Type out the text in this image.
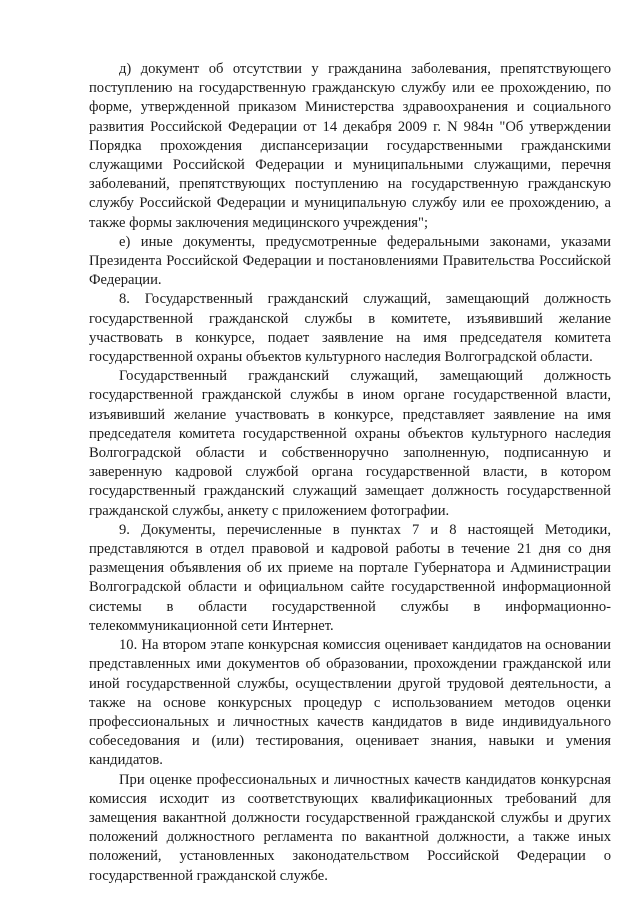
д) документ об отсутствии у гражданина заболевания, препятствующего поступлению на государственную гражданскую службу или ее прохождению, по форме, утвержденной приказом Министерства здравоохранения и социального развития Российской Федерации от 14 декабря 2009 г. N 984н "Об утверждении Порядка прохождения диспансеризации государственными гражданскими служащими Российской Федерации и муниципальными служащими, перечня заболеваний, препятствующих поступлению на государственную гражданскую службу Российской Федерации и муниципальную службу или ее прохождению, а также формы заключения медицинского учреждения";

е) иные документы, предусмотренные федеральными законами, указами Президента Российской Федерации и постановлениями Правительства Российской Федерации.

8. Государственный гражданский служащий, замещающий должность государственной гражданской службы в комитете, изъявивший желание участвовать в конкурсе, подает заявление на имя председателя комитета государственной охраны объектов культурного наследия Волгоградской области.

Государственный гражданский служащий, замещающий должность государственной гражданской службы в ином органе государственной власти, изъявивший желание участвовать в конкурсе, представляет заявление на имя председателя комитета государственной охраны объектов культурного наследия Волгоградской области и собственноручно заполненную, подписанную и заверенную кадровой службой органа государственной власти, в котором государственный гражданский служащий замещает должность государственной гражданской службы, анкету с приложением фотографии.

9. Документы, перечисленные в пунктах 7 и 8 настоящей Методики, представляются в отдел правовой и кадровой работы в течение 21 дня со дня размещения объявления об их приеме на портале Губернатора и Администрации Волгоградской области и официальном сайте государственной информационной системы в области государственной службы в информационно-телекоммуникационной сети Интернет.

10. На втором этапе конкурсная комиссия оценивает кандидатов на основании представленных ими документов об образовании, прохождении гражданской или иной государственной службы, осуществлении другой трудовой деятельности, а также на основе конкурсных процедур с использованием методов оценки профессиональных и личностных качеств кандидатов в виде индивидуального собеседования и (или) тестирования, оценивает знания, навыки и умения кандидатов.

При оценке профессиональных и личностных качеств кандидатов конкурсная комиссия исходит из соответствующих квалификационных требований для замещения вакантной должности государственной гражданской службы и других положений должностного регламента по вакантной должности, а также иных положений, установленных законодательством Российской Федерации о государственной гражданской службе.
